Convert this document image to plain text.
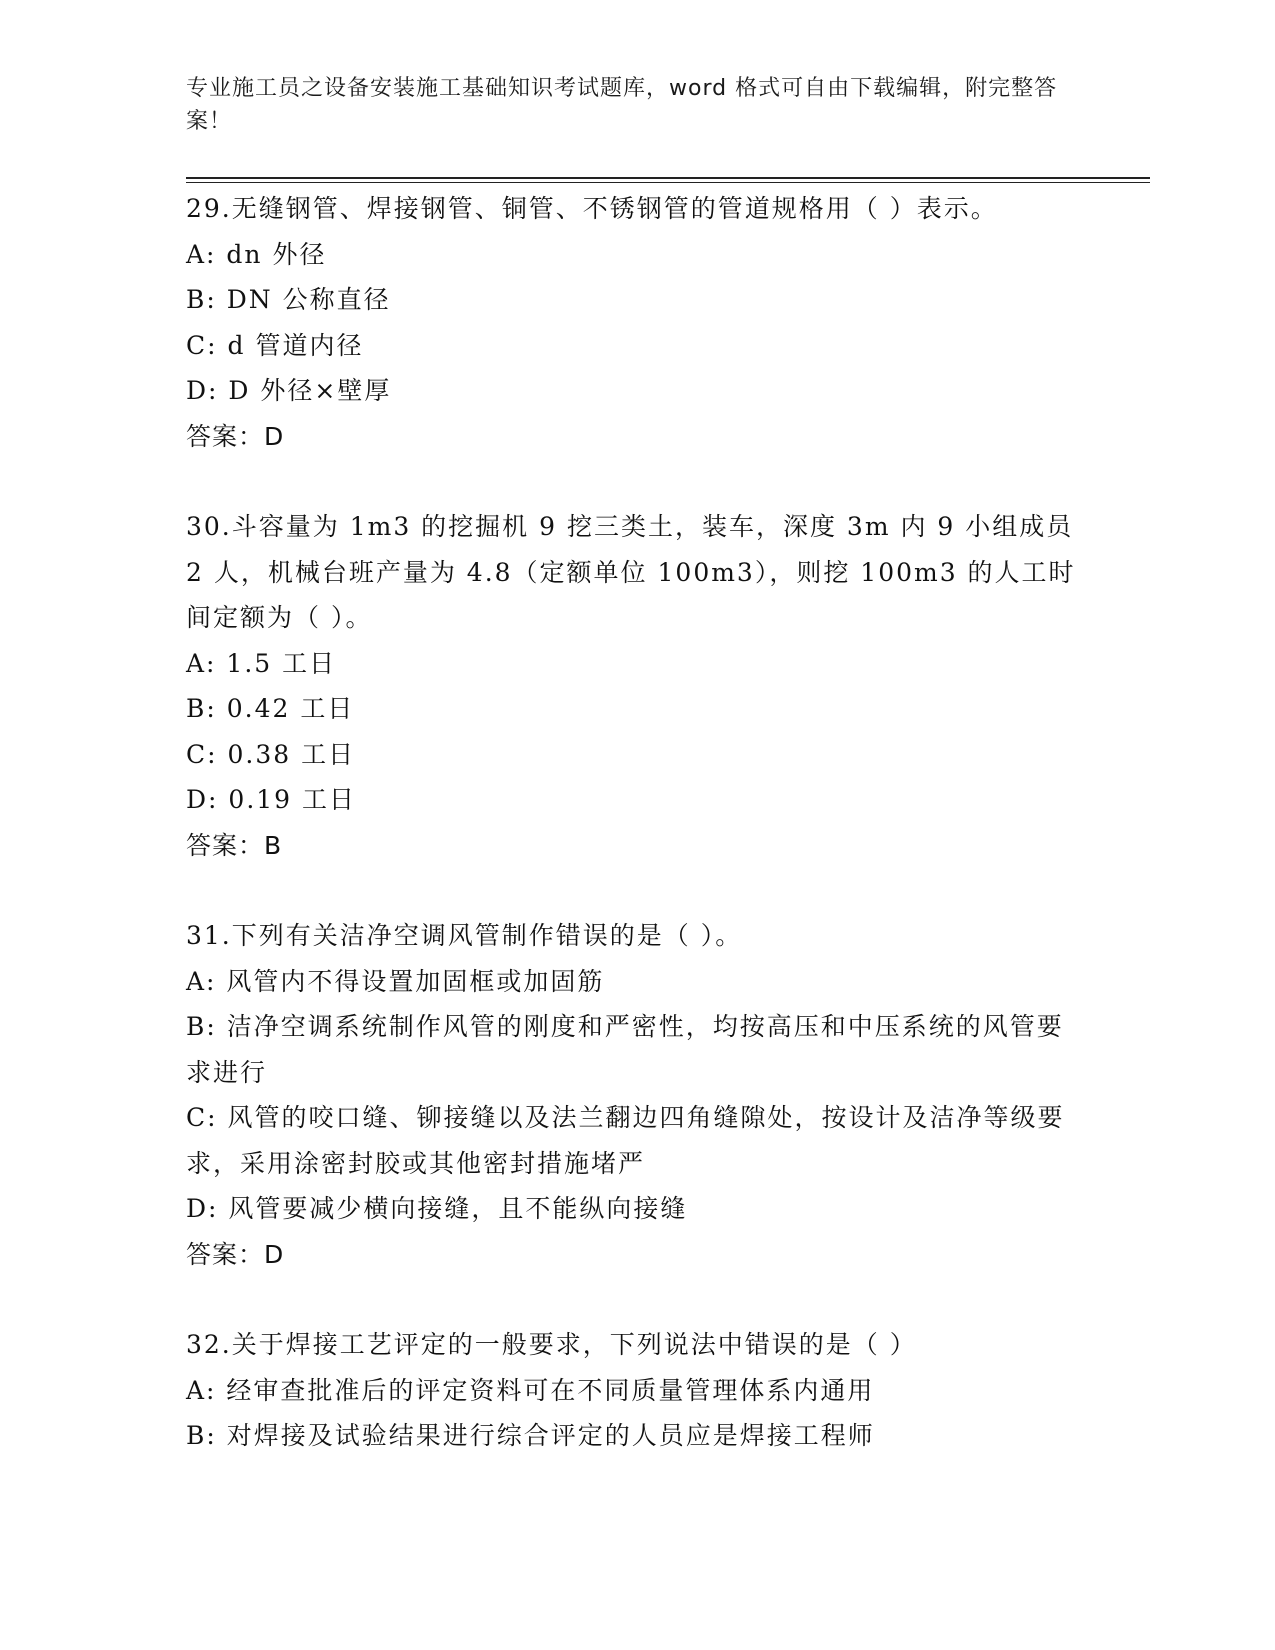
专业施工员之设备安装施工基础知识考试题库，word 格式可自由下载编辑，附完整答案！
29.无缝钢管、焊接钢管、铜管、不锈钢管的管道规格用（ ）表示。
A: dn 外径
B: DN 公称直径
C: d 管道内径
D: D 外径×壁厚
答案：D
30.斗容量为 1m3 的挖掘机 9 挖三类土，装车，深度 3m 内 9 小组成员 2 人，机械台班产量为 4.8（定额单位 100m3），则挖 100m3 的人工时间定额为（ ）。
A: 1.5 工日
B: 0.42 工日
C: 0.38 工日
D: 0.19 工日
答案：B
31.下列有关洁净空调风管制作错误的是（ ）。
A: 风管内不得设置加固框或加固筋
B: 洁净空调系统制作风管的刚度和严密性，均按高压和中压系统的风管要求进行
C: 风管的咬口缝、铆接缝以及法兰翻边四角缝隙处，按设计及洁净等级要求，采用涂密封胶或其他密封措施堵严
D: 风管要减少横向接缝，且不能纵向接缝
答案：D
32.关于焊接工艺评定的一般要求，下列说法中错误的是（ ）
A: 经审查批准后的评定资料可在不同质量管理体系内通用
B: 对焊接及试验结果进行综合评定的人员应是焊接工程师
